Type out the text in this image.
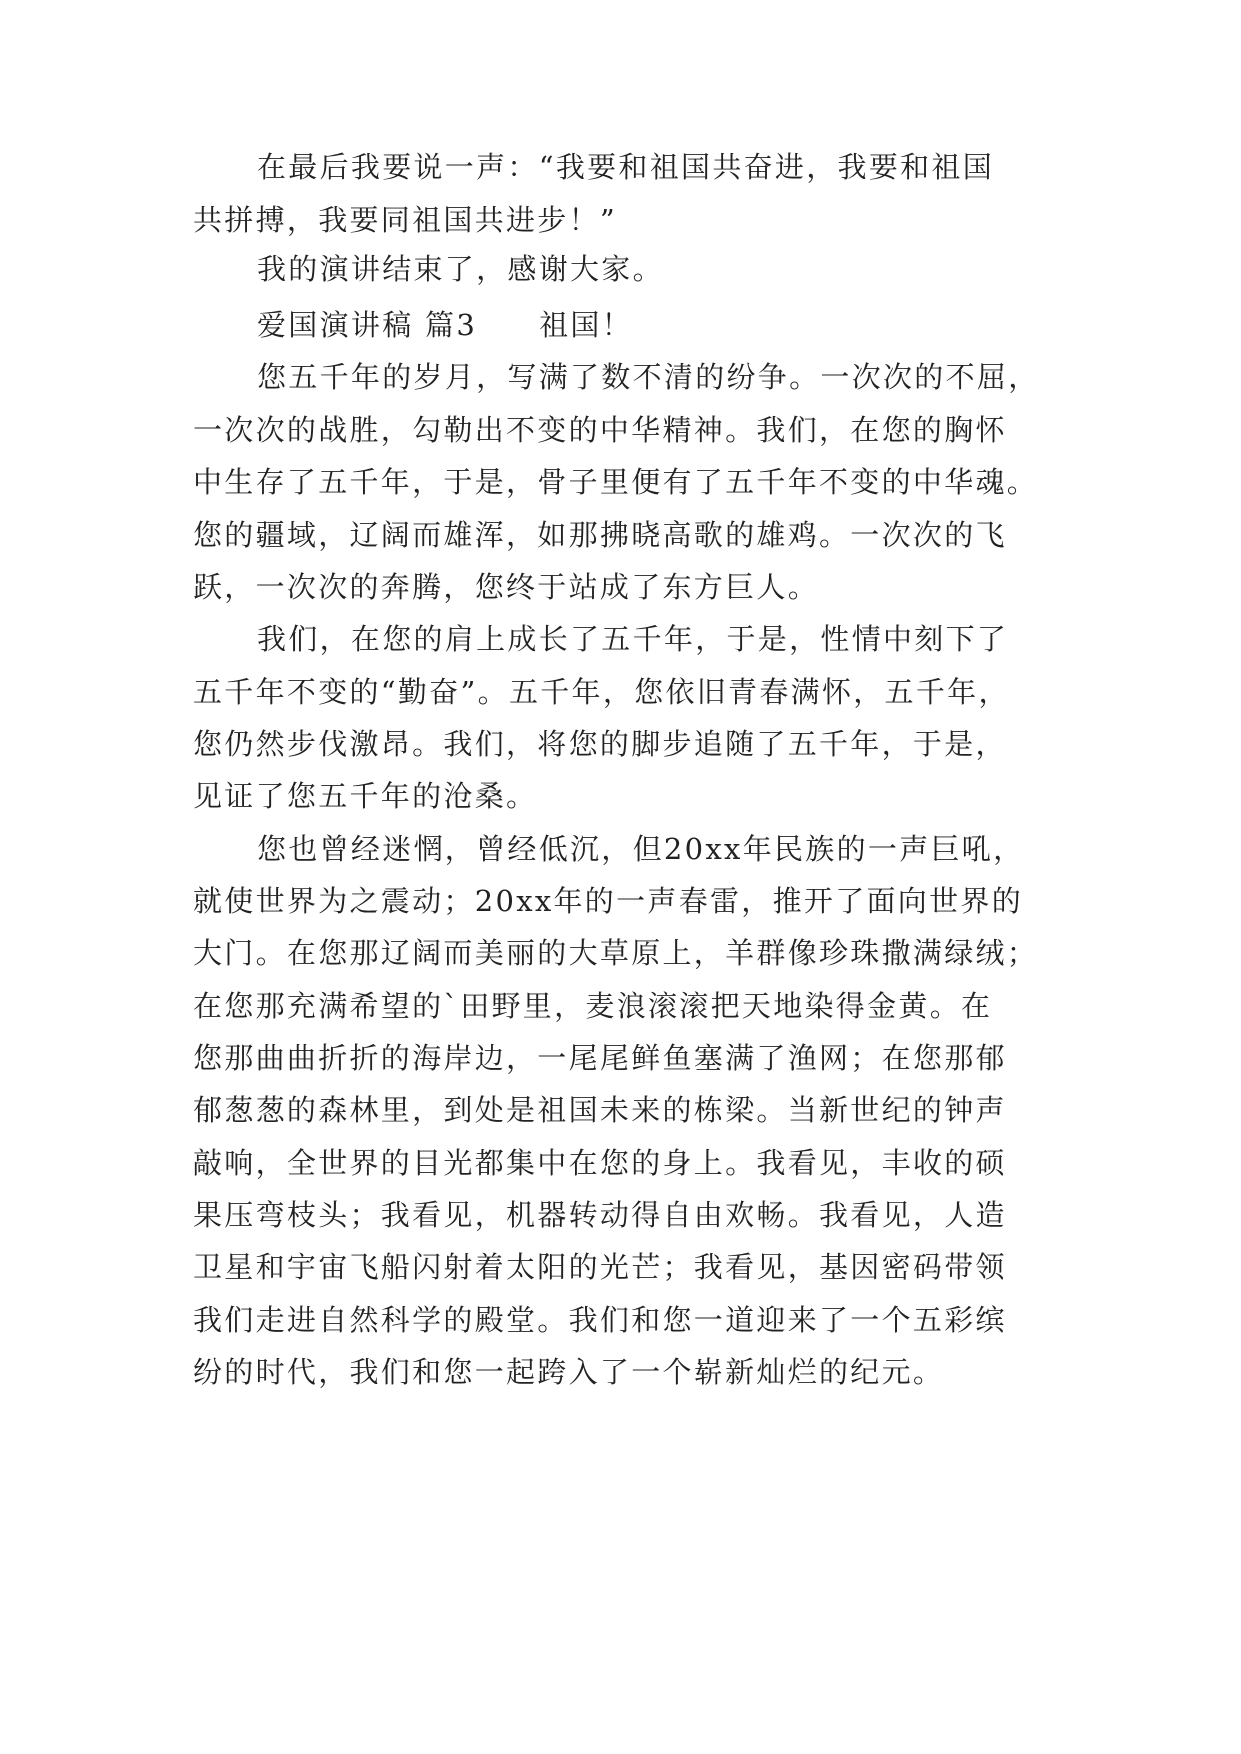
在最后我要说一声：“我要和祖国共奋进，我要和祖国
共拼搏，我要同祖国共进步！”
我的演讲结束了，感谢大家。
爱国演讲稿 篇3 祖国！
您五千年的岁月，写满了数不清的纷争。一次次的不屈，
一次次的战胜，勾勒出不变的中华精神。我们，在您的胸怀
中生存了五千年，于是，骨子里便有了五千年不变的中华魂。
您的疆域，辽阔而雄浑，如那拂晓高歌的雄鸡。一次次的飞
跃，一次次的奔腾，您终于站成了东方巨人。
我们，在您的肩上成长了五千年，于是，性情中刻下了
五千年不变的“勤奋”。五千年，您依旧青春满怀，五千年，
您仍然步伐激昂。我们，将您的脚步追随了五千年，于是，
见证了您五千年的沧桑。
您也曾经迷惘，曾经低沉，但20xx年民族的一声巨吼，
就使世界为之震动；20xx年的一声春雷，推开了面向世界的
大门。在您那辽阔而美丽的大草原上，羊群像珍珠撒满绿绒；
在您那充满希望的`田野里，麦浪滚滚把天地染得金黄。在
您那曲曲折折的海岸边，一尾尾鲜鱼塞满了渔网；在您那郁
郁葱葱的森林里，到处是祖国未来的栋梁。当新世纪的钟声
敲响，全世界的目光都集中在您的身上。我看见，丰收的硕
果压弯枝头；我看见，机器转动得自由欢畅。我看见，人造
卫星和宇宙飞船闪射着太阳的光芒；我看见，基因密码带领
我们走进自然科学的殿堂。我们和您一道迎来了一个五彩缤
纷的时代，我们和您一起跨入了一个崭新灿烂的纪元。
